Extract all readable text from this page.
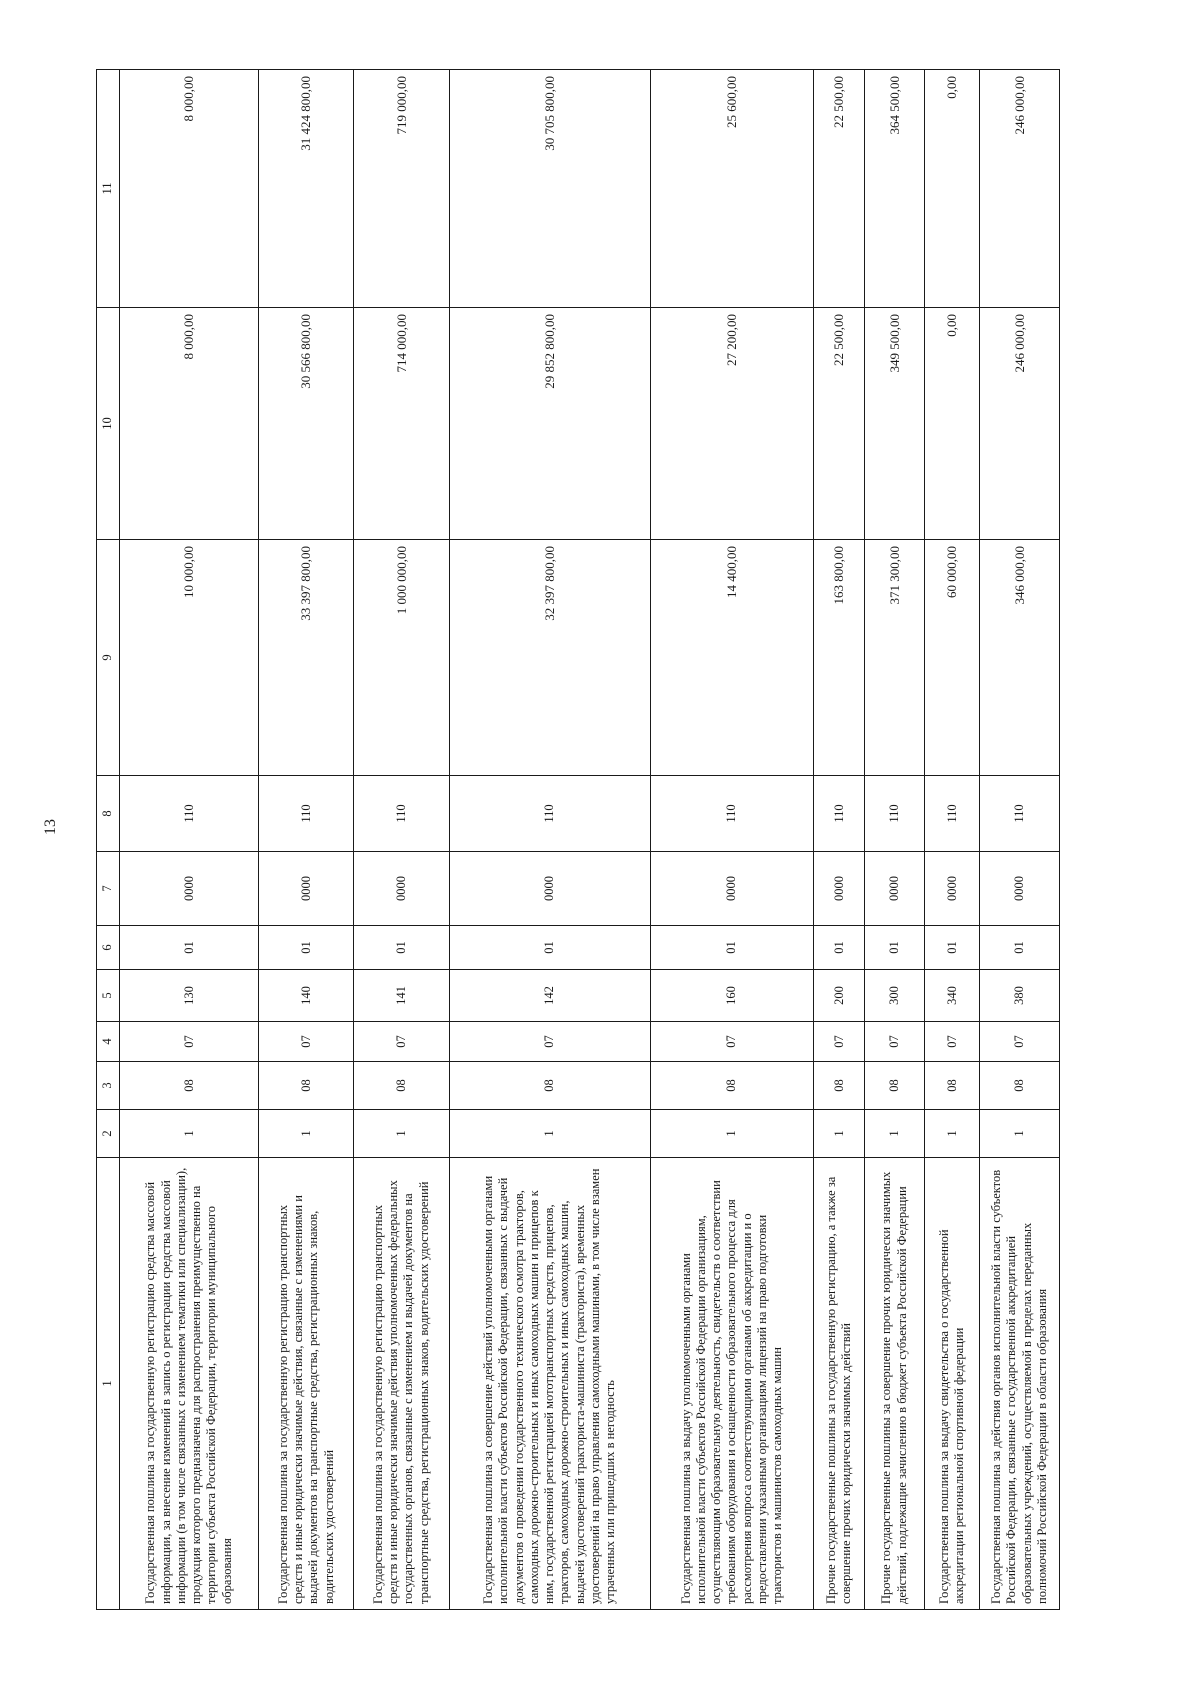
13
1	2	3	4	5	6	7	8	9	10	11
Государственная пошлина за государственную регистрацию средства массовой информации, за внесение изменений в запись о регистрации средства массовой информации (в том числе связанных с изменением тематики или специализации), продукция которого предназначена для распространения преимущественно на территории субъекта Российской Федерации, территории муниципального образования	1	08	07	130	01	0000	110	10 000,00	8 000,00	8 000,00
Государственная пошлина за государственную регистрацию транспортных средств и иные юридически значимые действия, связанные с изменениями и выдачей документов на транспортные средства, регистрационных знаков, водительских удостоверений	1	08	07	140	01	0000	110	33 397 800,00	30 566 800,00	31 424 800,00
Государственная пошлина за государственную регистрацию транспортных средств и иные юридически значимые действия уполномоченных федеральных государственных органов, связанные с изменением и выдачей документов на транспортные средства, регистрационных знаков, водительских удостоверений	1	08	07	141	01	0000	110	1 000 000,00	714 000,00	719 000,00
Государственная пошлина за совершение действий уполномоченными органами исполнительной власти субъектов Российской Федерации, связанных с выдачей документов о проведении государственного технического осмотра тракторов, самоходных дорожно-строительных и иных самоходных машин и прицепов к ним, государственной регистрацией мототранспортных средств, прицепов, тракторов, самоходных дорожно-строительных и иных самоходных машин, выдачей удостоверений тракториста-машиниста (тракториста), временных удостоверений на право управления самоходными машинами, в том числе взамен утраченных или пришедших в негодность	1	08	07	142	01	0000	110	32 397 800,00	29 852 800,00	30 705 800,00
Государственная пошлина за выдачу уполномоченными органами исполнительной власти субъектов Российской Федерации организациям, осуществляющим образовательную деятельность, свидетельств о соответствии требованиям оборудования и оснащенности образовательного процесса для рассмотрения вопроса соответствующими органами об аккредитации и о предоставлении указанным организациям лицензий на право подготовки трактористов и машинистов самоходных машин	1	08	07	160	01	0000	110	14 400,00	27 200,00	25 600,00
Прочие государственные пошлины за государственную регистрацию, а также за совершение прочих юридически значимых действий	1	08	07	200	01	0000	110	163 800,00	22 500,00	22 500,00
Прочие государственные пошлины за совершение прочих юридически значимых действий, подлежащие зачислению в бюджет субъекта Российской Федерации	1	08	07	300	01	0000	110	371 300,00	349 500,00	364 500,00
Государственная пошлина за выдачу свидетельства о государственной аккредитации региональной спортивной федерации	1	08	07	340	01	0000	110	60 000,00	0,00	0,00
Государственная пошлина за действия органов исполнительной власти субъектов Российской Федерации, связанные с государственной аккредитацией образовательных учреждений, осуществляемой в пределах переданных полномочий Российской Федерации в области образования	1	08	07	380	01	0000	110	346 000,00	246 000,00	246 000,00
